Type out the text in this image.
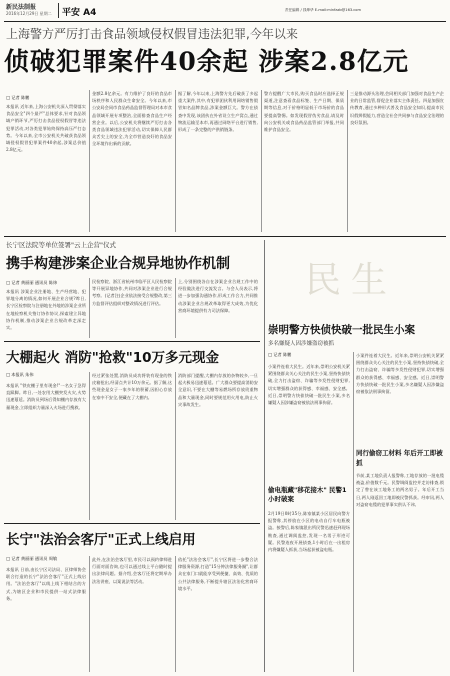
新民法制报
2016年12月29日 星期二 平安 A4	责任编辑 / 钱坤华 E-mail:minfazb@163.com
上海警方严厉打击食品领域侵权假冒违法犯罪,今年以来
侦破犯罪案件40余起 涉案2.8亿元
□ 记者 陈鹏
本报讯 近年来,上海公安机关深入贯彻落实食品安全"四个最严"总体要求,针对食品领域产销环节,严厉打击食品侵权假冒等违法犯罪活动,对各类犯罪始终保持高压严打态势。今年以来,全市公安机关共破获食品领域侵权假冒犯罪案件40余起,涉案总价值2.8亿元。
金额2.8亿余元。有力维护了良好的食品市场秩序和人民群众生命安全。今年以来,市公安局会同市食品药品监督管理局对本市食品领域开展专项整治,全面排查食品生产经营企业。以后,公安机关将继续严厉打击各类食品领域违法犯罪活动,切实保障人民群众舌尖上的安全,为全市营造良好的食品安全环境作出新的贡献。
据了解,今年以来,上海警方先后破获了多起重大案件,其中,有犯罪团伙利用网络销售假冒知名品牌食品,涉案金额巨大。警方在侦查中发现,该团伙在外省设立生产窝点,通过物流运输至本市,再通过网络平台进行销售,形成了一条完整的产供销链条。
警方提醒广大市民,购买食品时应选择正规渠道,注意查看食品标签、生产日期、保质期等信息,对于价格明显低于市场价的食品要提高警惕。如发现假冒伪劣食品,请及时向公安机关或食品药品监管部门举报,共同维护食品安全。
三是推动源头治理,会同相关部门加强对食品生产企业的日常监管,督促企业落实主体责任。四是加强宣传教育,通过多种形式普及食品安全知识,提高市民识假辨假能力,营造全社会共同参与食品安全治理的良好氛围。
长宁区法院等单位签署"云上企营"仪式
携手构建涉案企业合规异地协作机制
□ 记者 黄丽丽 通讯员 陈炜
本报讯 涉案企业注册地、生产经营地、犯罪地分离的情况,如何开展企业合规?昨日,长宁区检察院与注册地在外地的涉案企业所在地检察机关签订协作协议,探索建立异地协作机制,推动涉案企业合规改革走深走实。
民检察院、浙江省杭州市临平区人民检察院等开展异地协作,共同对涉案企业进行合规考察。(记者注)企业依法接受合规整改,第三方监督评估组织对整改情况进行评估。
上,分别围绕各自在涉案企业合规工作中的经验做法进行交流发言。与会人员表示,将进一步加强沟通协作,形成工作合力,共同推动涉案企业合规改革取得更大成效,为优化营商环境提供有力司法保障。
民生
崇明警方快侦快破一批民生小案
多名嫌疑人因涉嫌盗窃被抓
□ 记者 陈鹏
小案件连着大民生。近年来,崇明公安机关紧紧围绕群众关心关注的民生小案,坚持快侦快破,全力打击盗窃、诈骗等多发性侵财犯罪,切实增强群众的获得感、幸福感、安全感。近日,崇明警方快侦快破一批民生小案,多名嫌疑人因涉嫌盗窃被依法刑事拘留。
偷电瓶藏"移花接木" 民警1小时破案
2月19日0时35分,陈家镇某小区居民向警方报警称,其停放在小区的电动自行车电瓶被盗。接警后,陈家镇派出所民警迅速赶到现场勘查,通过调阅监控,发现一名男子形迹可疑。民警连夜开展侦查,1小时后在一出租房内将嫌疑人抓获,当场起获被盗电瓶。
小案件连着大民生。近年来,崇明公安机关紧紧围绕群众关心关注的民生小案,坚持快侦快破,全力打击盗窃、诈骗等多发性侵财犯罪,切实增强群众的获得感、幸福感、安全感。近日,崇明警方快侦快破一批民生小案,多名嫌疑人因涉嫌盗窃被依法刑事拘留。
同行偷窃工材料 年后开工即被抓
节前,某工地负责人报警称,工地存放的一批电缆被盗,价值数千元。民警调阅监控并走访排查,锁定了曾在该工地务工的两名男子。年后开工当日,两人刚返回工地即被民警抓获。经审讯,两人对盗窃电缆的犯罪事实供认不讳。
大棚起火 消防"抢救"10万多元现金
□ 本报讯 朱伟
本报讯 "铁皮棚子里有现金!"一名女子急得直跺脚。昨日,一处农用大棚突发火灾,火势迅速蔓延。消防员到场后得知棚内存放有大量现金,立即组织力量深入火场进行搜救。
经过紧张处置,消防员成功将装有现金的铁皮箱抢出,经清点共计10万余元。据了解,这些现金是女子一家多年的积蓄,因担心存放在家中不安全,便藏在了大棚内。
消防部门提醒,大棚内存放的杂物较多,一旦起火极易迅速蔓延。广大群众要提高消防安全意识,不要在大棚等易燃场所存放贵重物品和大量现金,同时要规范用火用电,防止火灾事故发生。
长宁"法治会客厅"正式上线启用
□ 记者 黄丽丽 通讯员 周敏
本报讯 日前,由长宁区司法局、区律师协会联合打造的长宁"法治会客厅"正式上线启用。"法治会客厅"以线上线下相结合的方式,为辖区企业和市民提供一站式法律服务。
此外,在法治会客厅里,市民可以预约律师进行面对面咨询,也可以通过线上平台随时提出法律问题。据介绍,会客厅还将定期举办法治讲座、以案说法等活动。
依托"法治会客厅",长宁区将进一步整合法律服务资源,打造"15分钟法律服务圈",让群众在家门口就能享受到便捷、高效、优质的公共法律服务,不断提升辖区法治化营商环境水平。
